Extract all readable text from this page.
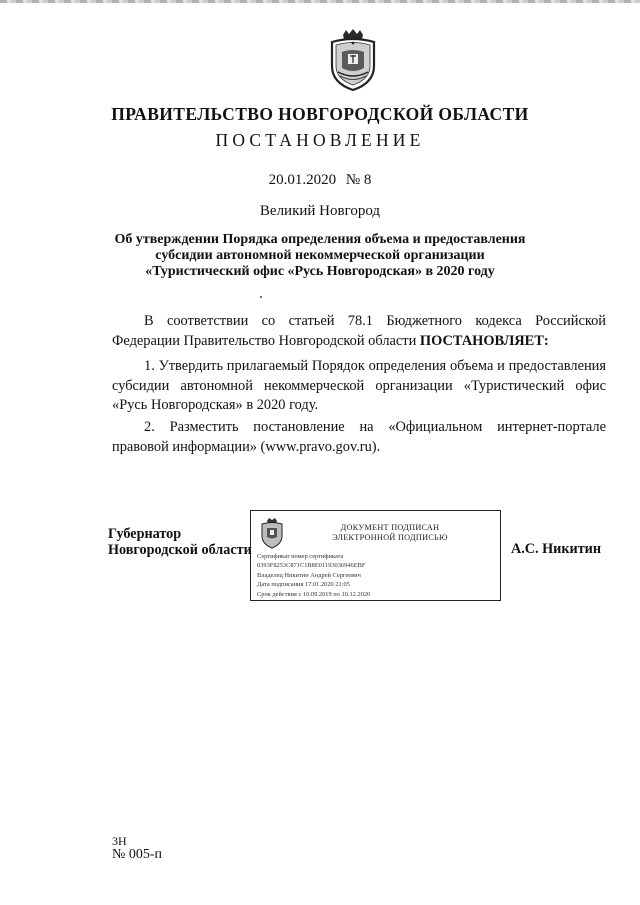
ПРАВИТЕЛЬСТВО НОВГОРОДСКОЙ ОБЛАСТИ
ПОСТАНОВЛЕНИЕ
20.01.2020 № 8
Великий Новгород
Об утверждении Порядка определения объема и предоставления
субсидии автономной некоммерческой организации
«Туристический офис «Русь Новгородская» в 2020 году
В соответствии со статьей 78.1 Бюджетного кодекса Российской Федерации Правительство Новгородской области ПОСТАНОВЛЯЕТ:
1. Утвердить прилагаемый Порядок определения объема и предоставления субсидии автономной некоммерческой организации «Туристический офис «Русь Новгородская» в 2020 году.
2. Разместить постановление на «Официальном интернет-портале правовой информации» (www.pravo.gov.ru).
Губернатор
Новгородской области
ДОКУМЕНТ ПОДПИСАН
ЭЛЕКТРОННОЙ ПОДПИСЬЮ
Сертификат номер сертификата
0393F8253C871C1B8E01193036946EBF
Владелец Никитин Андрей Сергеевич
Дата подписания 17.01.2020 21:05
Срок действия с 10.09.2019 по 10.12.2020
А.С. Никитин
3Н
№ 005-п
